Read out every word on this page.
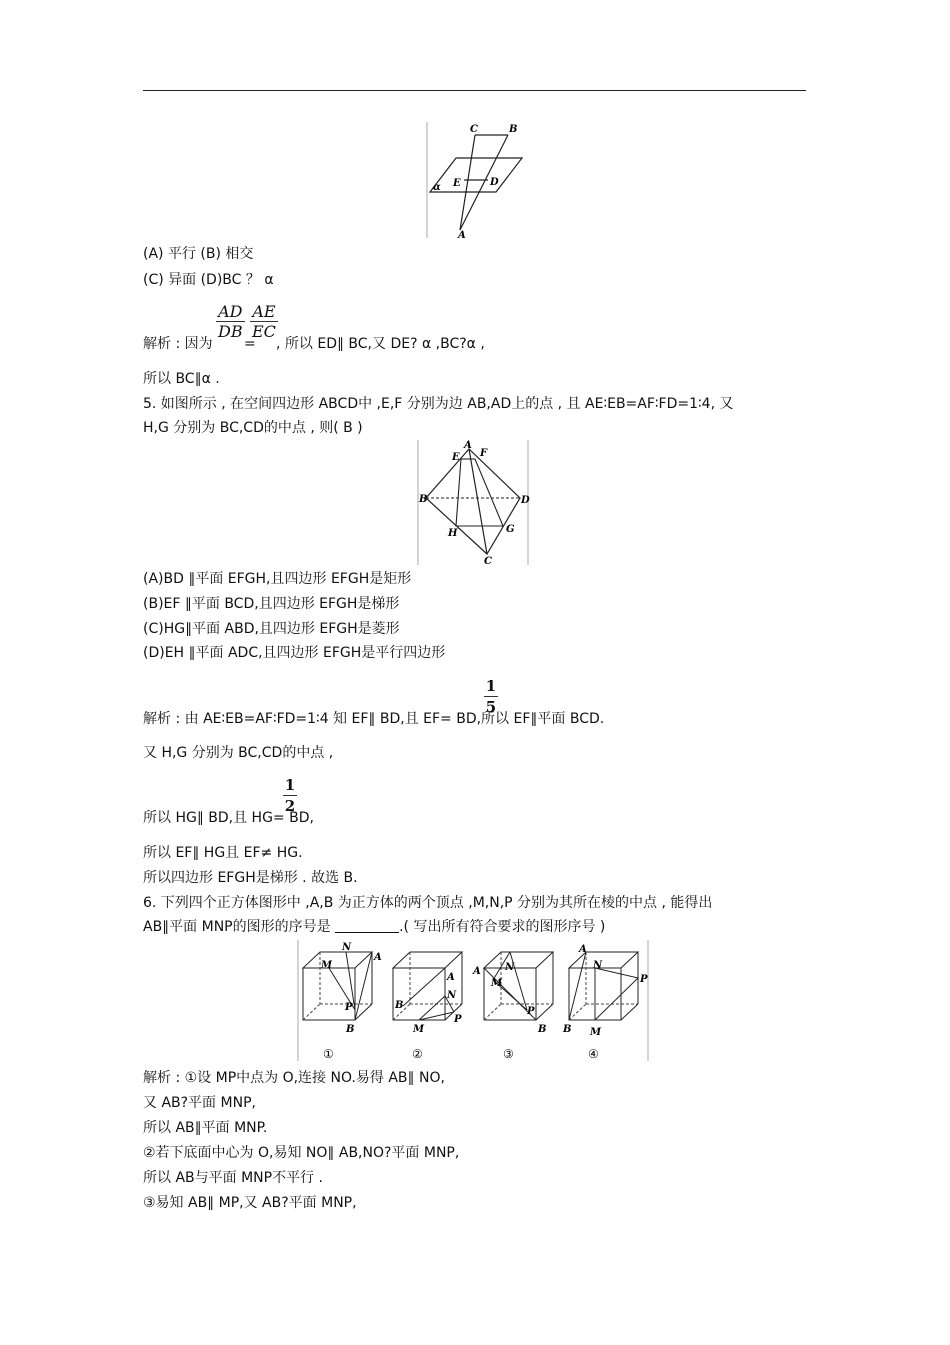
C	B
E	D
α
A
(A) 平行 (B) 相交
(C) 异面 (D)BC ？ α
解析 : 因为
AD
DB
=
AE
EC
, 所以 ED∥ BC,又 DE? α ,BC?α ,
所以 BC∥α .
5. 如图所示 , 在空间四边形 ABCD中 ,E,F 分别为边 AB,AD上的点 , 且 AE∶EB=AF∶FD=1∶4, 又
H,G 分别为 BC,CD的中点 , 则( B )
A
E F
B	D
H	G
C
(A)BD ∥平面 EFGH,且四边形 EFGH是矩形
(B)EF ∥平面 BCD,且四边形 EFGH是梯形
(C)HG∥平面 ABD,且四边形 EFGH是菱形
(D)EH ∥平面 ADC,且四边形 EFGH是平行四边形
解析 : 由 AE∶EB=AF∶FD=1∶4 知 EF∥ BD,且 EF= BD,所以 EF∥平面 BCD.
1
5
又 H,G 分别为 BC,CD的中点 ,
所以 HG∥ BD,且 HG= BD,
1
2
所以 EF∥ HG且 EF≠ HG.
所以四边形 EFGH是梯形 . 故选 B.
6. 下列四个正方体图形中 ,A,B 为正方体的两个顶点 ,M,N,P 分别为其所在棱的中点 , 能得出
AB∥平面 MNP的图形的序号是	.( 写出所有符合要求的图形序号 )
N
A
M
P
B
①
A
B
N
P
M
②
A N
M
P
B
③
A
N
P
B M
④
解析 : ①设 MP中点为 O,连接 NO.易得 AB∥ NO,
又 AB?平面 MNP,
所以 AB∥平面 MNP.
②若下底面中心为 O,易知 NO∥ AB,NO?平面 MNP,
所以 AB与平面 MNP不平行 .
③易知 AB∥ MP,又 AB?平面 MNP,
